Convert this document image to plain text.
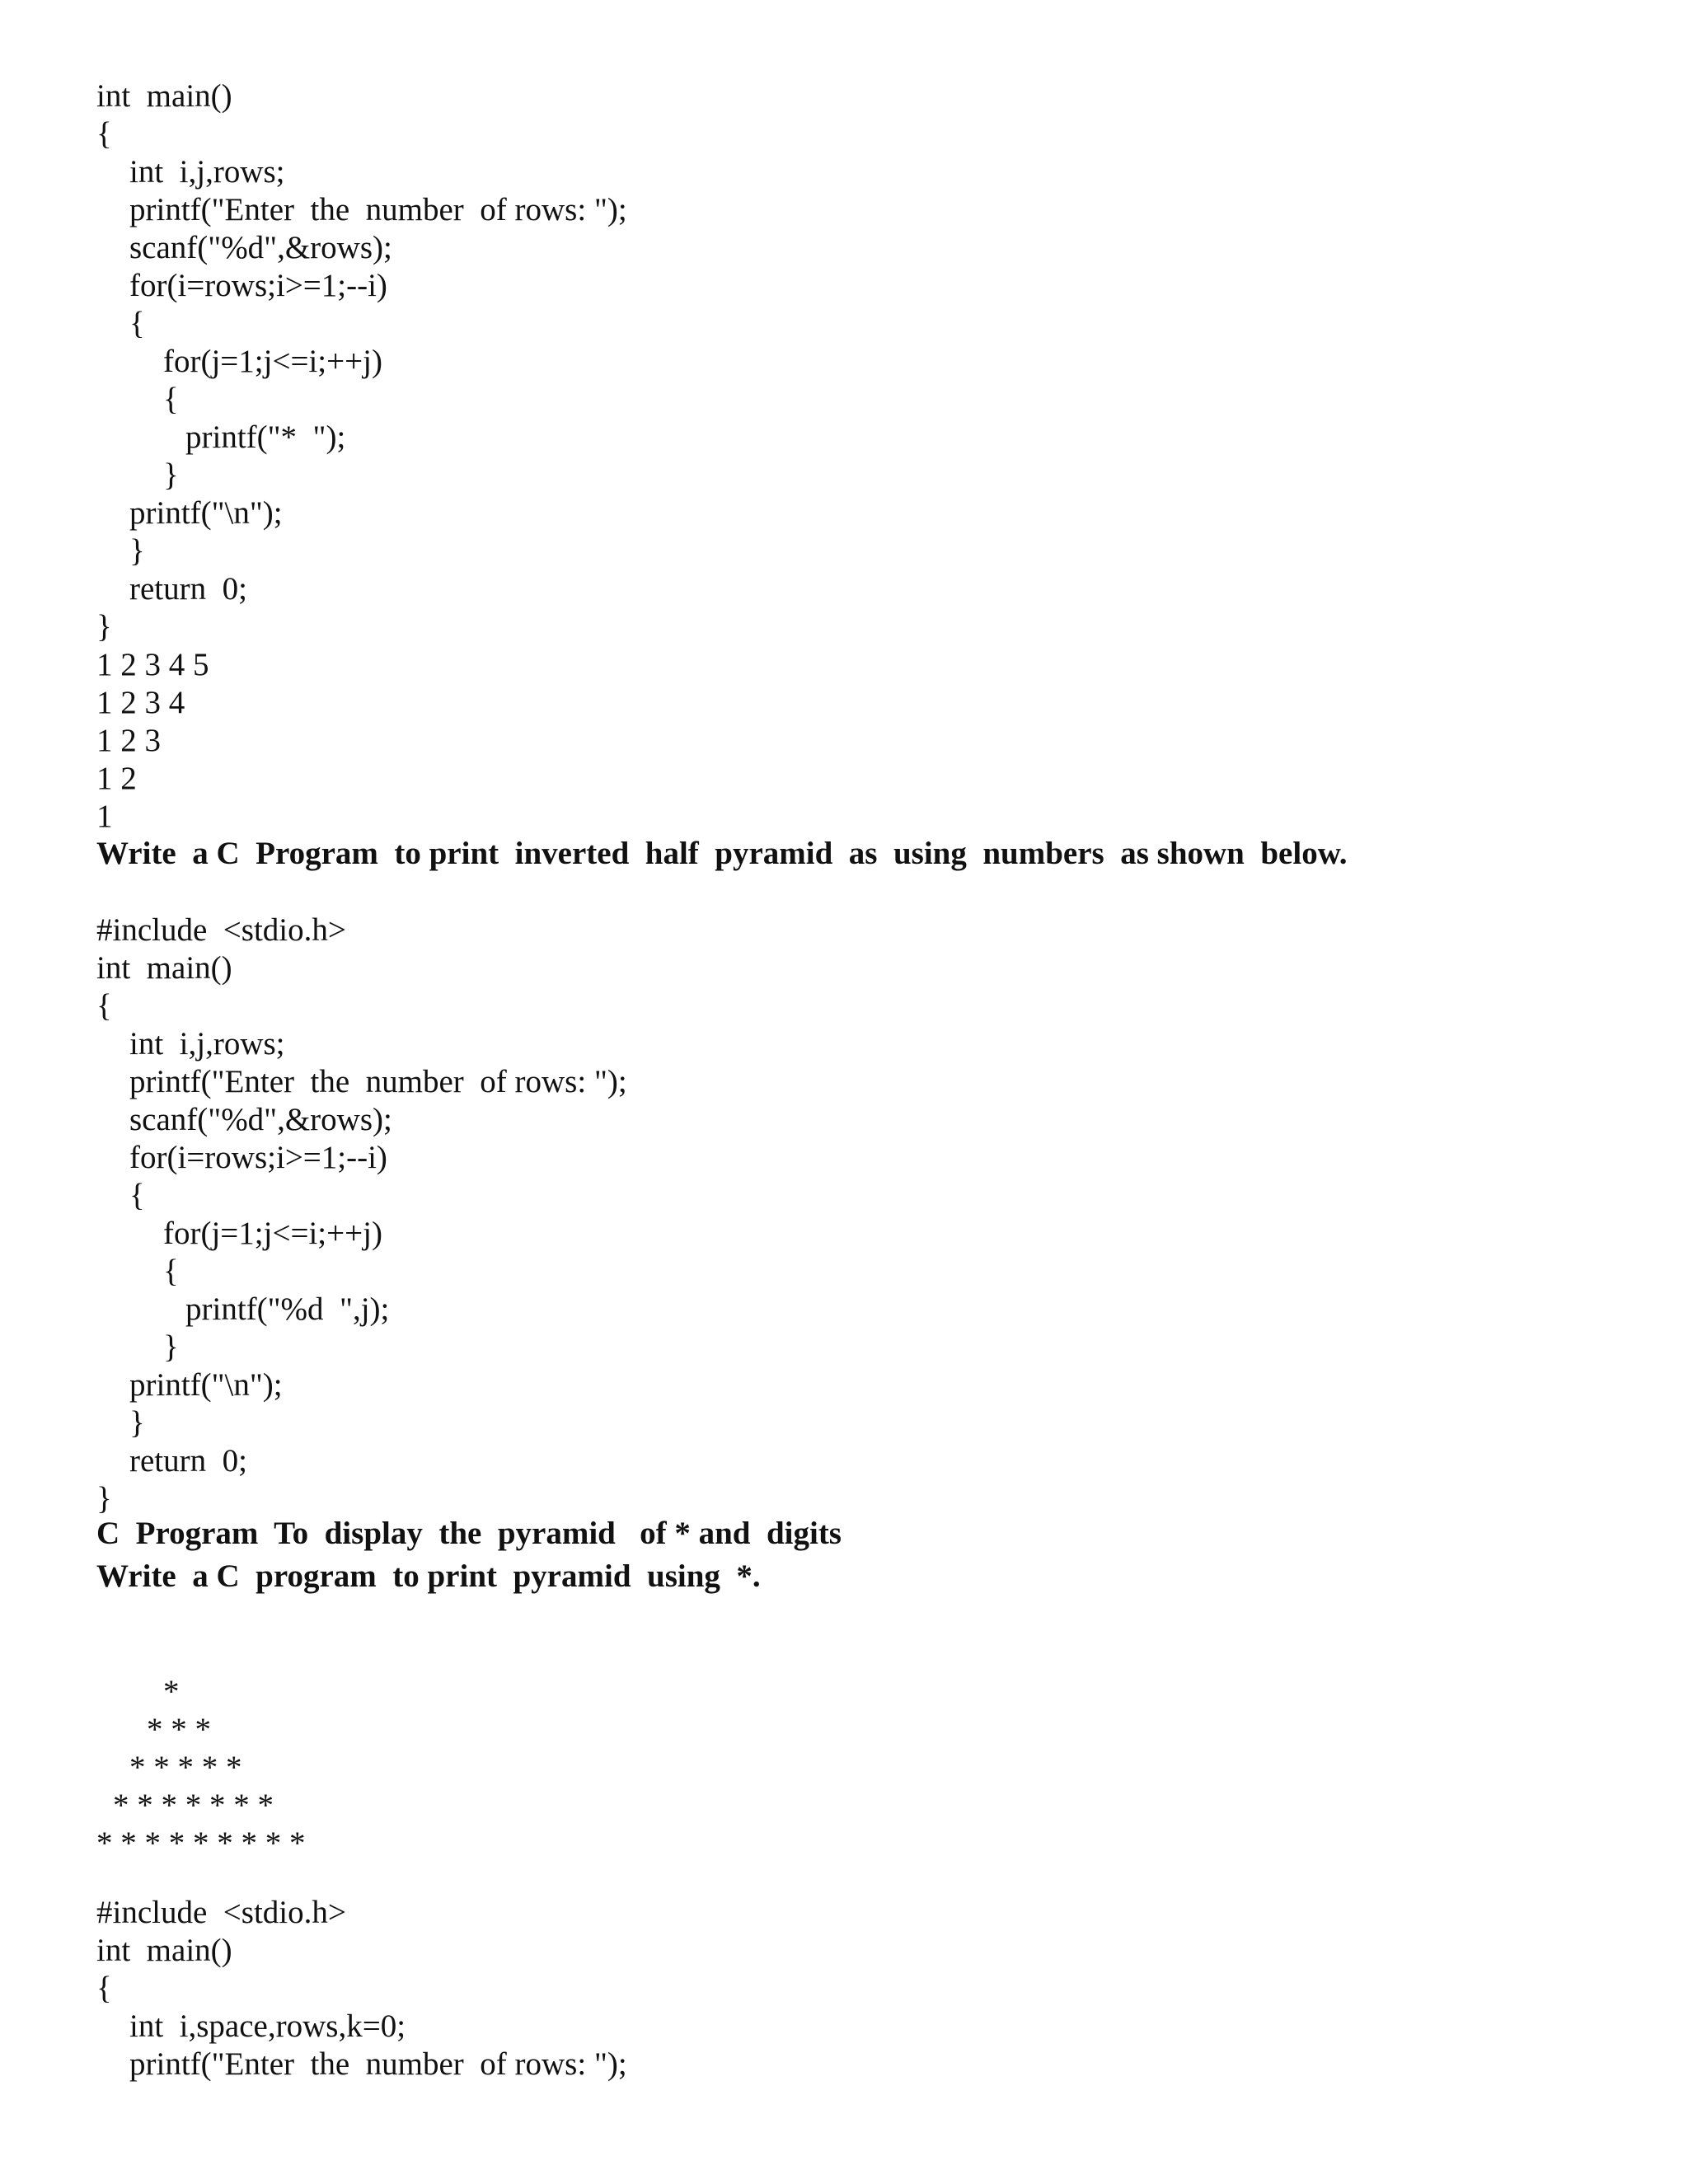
int  main()
{
int  i,j,rows;
printf("Enter  the  number  of rows: ");
scanf("%d",&rows);
for(i=rows;i>=1;--i)
{
for(j=1;j<=i;++j)
{
printf("*  ");
}
printf("\n");
}
return  0;
}
1 2 3 4 5
1 2 3 4
1 2 3
1 2
1
Write  a C  Program  to print  inverted  half  pyramid  as  using  numbers  as shown  below.
#include  <stdio.h>
int  main()
{
int  i,j,rows;
printf("Enter  the  number  of rows: ");
scanf("%d",&rows);
for(i=rows;i>=1;--i)
{
for(j=1;j<=i;++j)
{
printf("%d  ",j);
}
printf("\n");
}
return  0;
}
C  Program  To  display  the  pyramid   of * and  digits
Write  a C  program  to print  pyramid  using  *.
*
* * *
* * * * *
* * * * * * *
* * * * * * * * *
#include  <stdio.h>
int  main()
{
int  i,space,rows,k=0;
printf("Enter  the  number  of rows: ");
